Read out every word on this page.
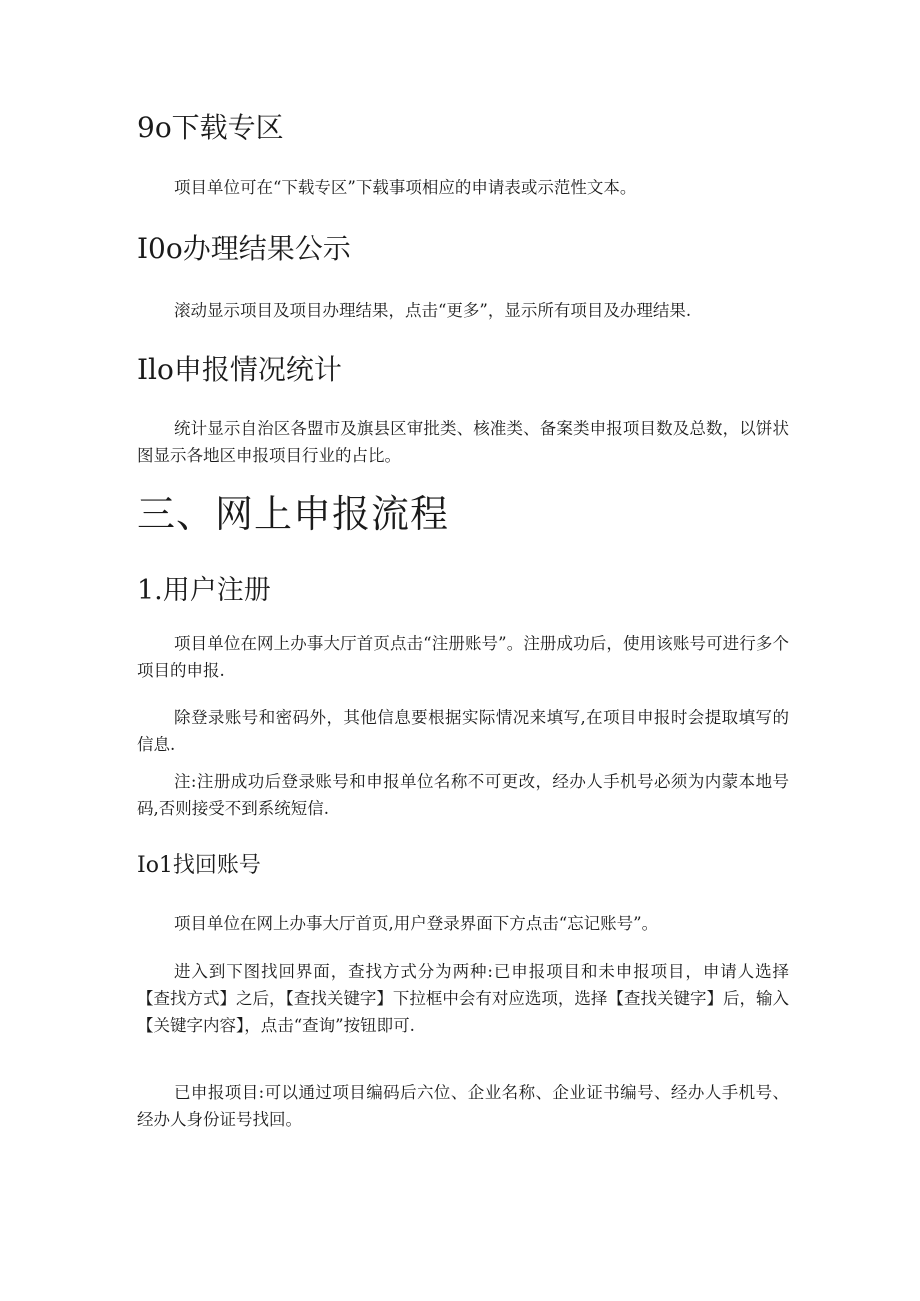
9o下载专区

项目单位可在“下载专区”下载事项相应的申请表或示范性文本。

I0o办理结果公示

滚动显示项目及项目办理结果，点击“更多”，显示所有项目及办理结果.

Ilo申报情况统计

统计显示自治区各盟市及旗县区审批类、核准类、备案类申报项目数及总数，以饼状图显示各地区申报项目行业的占比。

三、网上申报流程
1.用户注册

项目单位在网上办事大厅首页点击“注册账号”。注册成功后，使用该账号可进行多个项目的申报.

除登录账号和密码外，其他信息要根据实际情况来填写,在项目申报时会提取填写的信息.

注:注册成功后登录账号和申报单位名称不可更改，经办人手机号必须为内蒙本地号码,否则接受不到系统短信.

Io1找回账号

项目单位在网上办事大厅首页,用户登录界面下方点击“忘记账号”。

进入到下图找回界面，查找方式分为两种:已申报项目和未申报项目，申请人选择【查找方式】之后，【查找关键字】下拉框中会有对应选项，选择【查找关键字】后，输入【关键字内容】，点击“查询”按钮即可.

已申报项目:可以通过项目编码后六位、企业名称、企业证书编号、经办人手机号、经办人身份证号找回。
